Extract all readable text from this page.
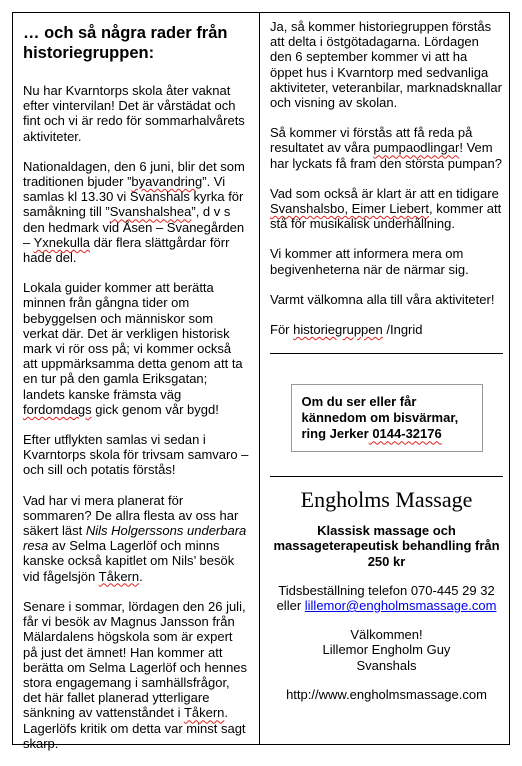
… och så några rader från historiegruppen:

Nu har Kvarntorps skola åter vaknat efter vintervilan! Det är vårstädat och fint och vi är redo för sommarhalvårets aktiviteter.

Nationaldagen, den 6 juni, blir det som traditionen bjuder ”byavandring”. Vi samlas kl 13.30 vi Svanshals kyrka för samåkning till ”Svanshalshea”, d v s den hedmark vid Åsen – Svanegården – Yxnekulla där flera slättgårdar förr hade del.

Lokala guider kommer att berätta minnen från gångna tider om bebyggelsen och människor som verkat där. Det är verkligen historisk mark vi rör oss på; vi kommer också att uppmärksamma detta genom att ta en tur på den gamla Eriksgatan; landets kanske främsta väg fordomdags gick genom vår bygd!

Efter utflykten samlas vi sedan i Kvarntorps skola för trivsam samvaro – och sill och potatis förstås!

Vad har vi mera planerat för sommaren? De allra flesta av oss har säkert läst Nils Holgerssons underbara resa av Selma Lagerlöf och minns kanske också kapitlet om Nils’ besök vid fågelsjön Tåkern.

Senare i sommar, lördagen den 26 juli, får vi besök av Magnus Jansson från Mälardalens högskola som är expert på just det ämnet! Han kommer att berätta om Selma Lagerlöf och hennes stora engagemang i samhällsfrågor, det här fallet planerad ytterligare sänkning av vattenståndet i Tåkern. Lagerlöfs kritik om detta var minst sagt skarp.

Ja, så kommer historiegruppen förstås att delta i östgötadagarna. Lördagen den 6 september kommer vi att ha öppet hus i Kvarntorp med sedvanliga aktiviteter, veteranbilar, marknadsknallar och visning av skolan.

Så kommer vi förstås att få reda på resultatet av våra pumpaodlingar! Vem har lyckats få fram den största pumpan?

Vad som också är klart är att en tidigare Svanshalsbo, Eimer Liebert, kommer att stå för musikalisk underhållning.

Vi kommer att informera mera om begivenheterna när de närmar sig.

Varmt välkomna alla till våra aktiviteter!

För historiegruppen /Ingrid

Om du ser eller får kännedom om bisvärmar, ring Jerker 0144-32176
Engholms Massage

Klassisk massage och massageterapeutisk behandling från 250 kr

Tidsbeställning telefon 070-445 29 32
eller lillemor@engholmsmassage.com

Välkommen!
Lillemor Engholm Guy
Svanshals

http://www.engholmsmassage.com
